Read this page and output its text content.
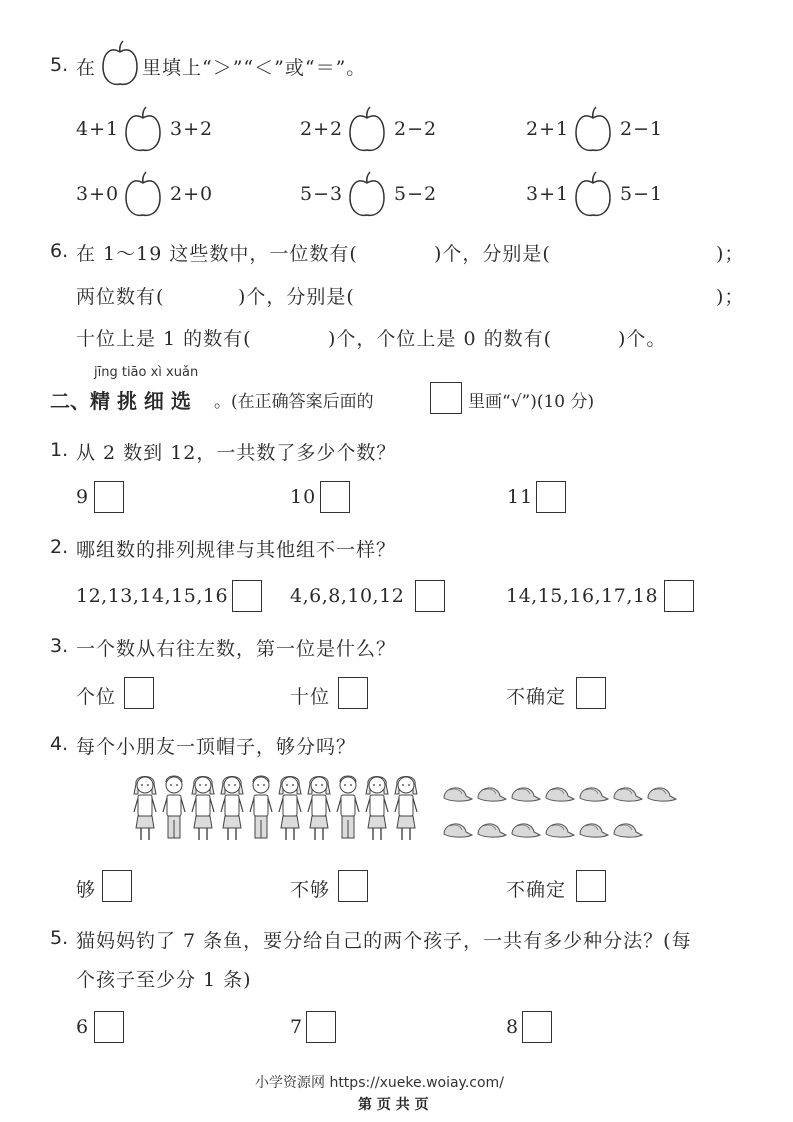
5. 在 里填上“＞”“＜”或“＝”。
4+1	3+2	2+2	2−2	2+1	2−1
3+0	2+0	5−3	5−2	3+1	5−1
6. 在 1～19 这些数中，一位数有(	)个，分别是(	)；
两位数有(	)个，分别是(	)；
十位上是 1 的数有(	)个，个位上是 0 的数有(	)个。
jīng tiāo xì xuǎn
二、精 挑 细 选 。(在正确答案后面的	里画“√”)(10 分)
1. 从 2 数到 12，一共数了多少个数？
9	10	11
2. 哪组数的排列规律与其他组不一样？
12,13,14,15,16	4,6,8,10,12	14,15,16,17,18
3. 一个数从右往左数，第一位是什么？
个位	十位	不确定
4. 每个小朋友一顶帽子，够分吗？
够	不够	不确定
5. 猫妈妈钓了 7 条鱼，要分给自己的两个孩子，一共有多少种分法？(每
个孩子至少分 1 条)
6	7	8
小学资源网 https://xueke.woiay.com/
第 页 共 页
